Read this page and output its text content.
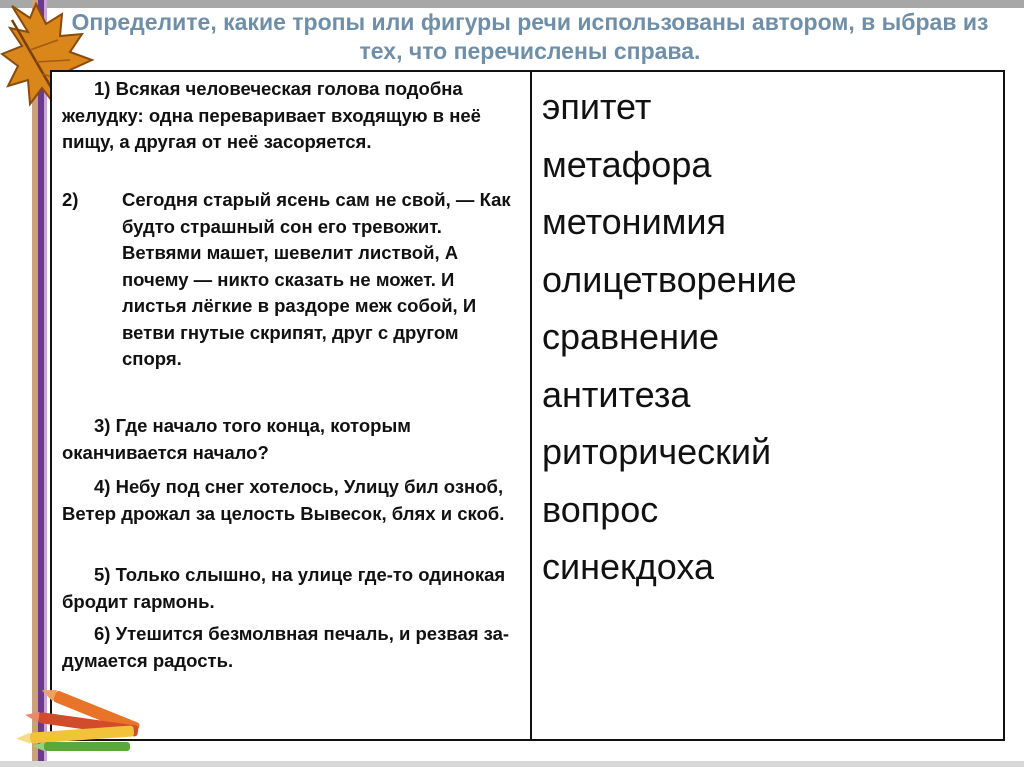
Определите, какие тропы или фигуры речи использованы автором, в ыбрав из тех, что перечислены справа.
1) Всякая человеческая голова подобна желудку: одна переваривает входящую в неё пищу, а другая от неё засоряется.
2)	Сегодня старый ясень сам не свой, — Как будто страшный сон его тревожит. Ветвями машет, шевелит листвой, А почему — никто сказать не может. И листья лёгкие в раздоре меж собой, И ветви гнутые скрипят, друг с другом споря.
3) Где начало того конца, которым оканчивается начало?
4) Небу под снег хотелось, Улицу бил озноб, Ветер дрожал за целость Вывесок, блях и скоб.
5) Только слышно, на улице где-то одинокая бродит гармонь.
6) Утешится безмолвная печаль, и резвая за-думается радость.
эпитет
метафора
метонимия
олицетворение
сравнение
антитеза
риторический
вопрос
синекдоха
